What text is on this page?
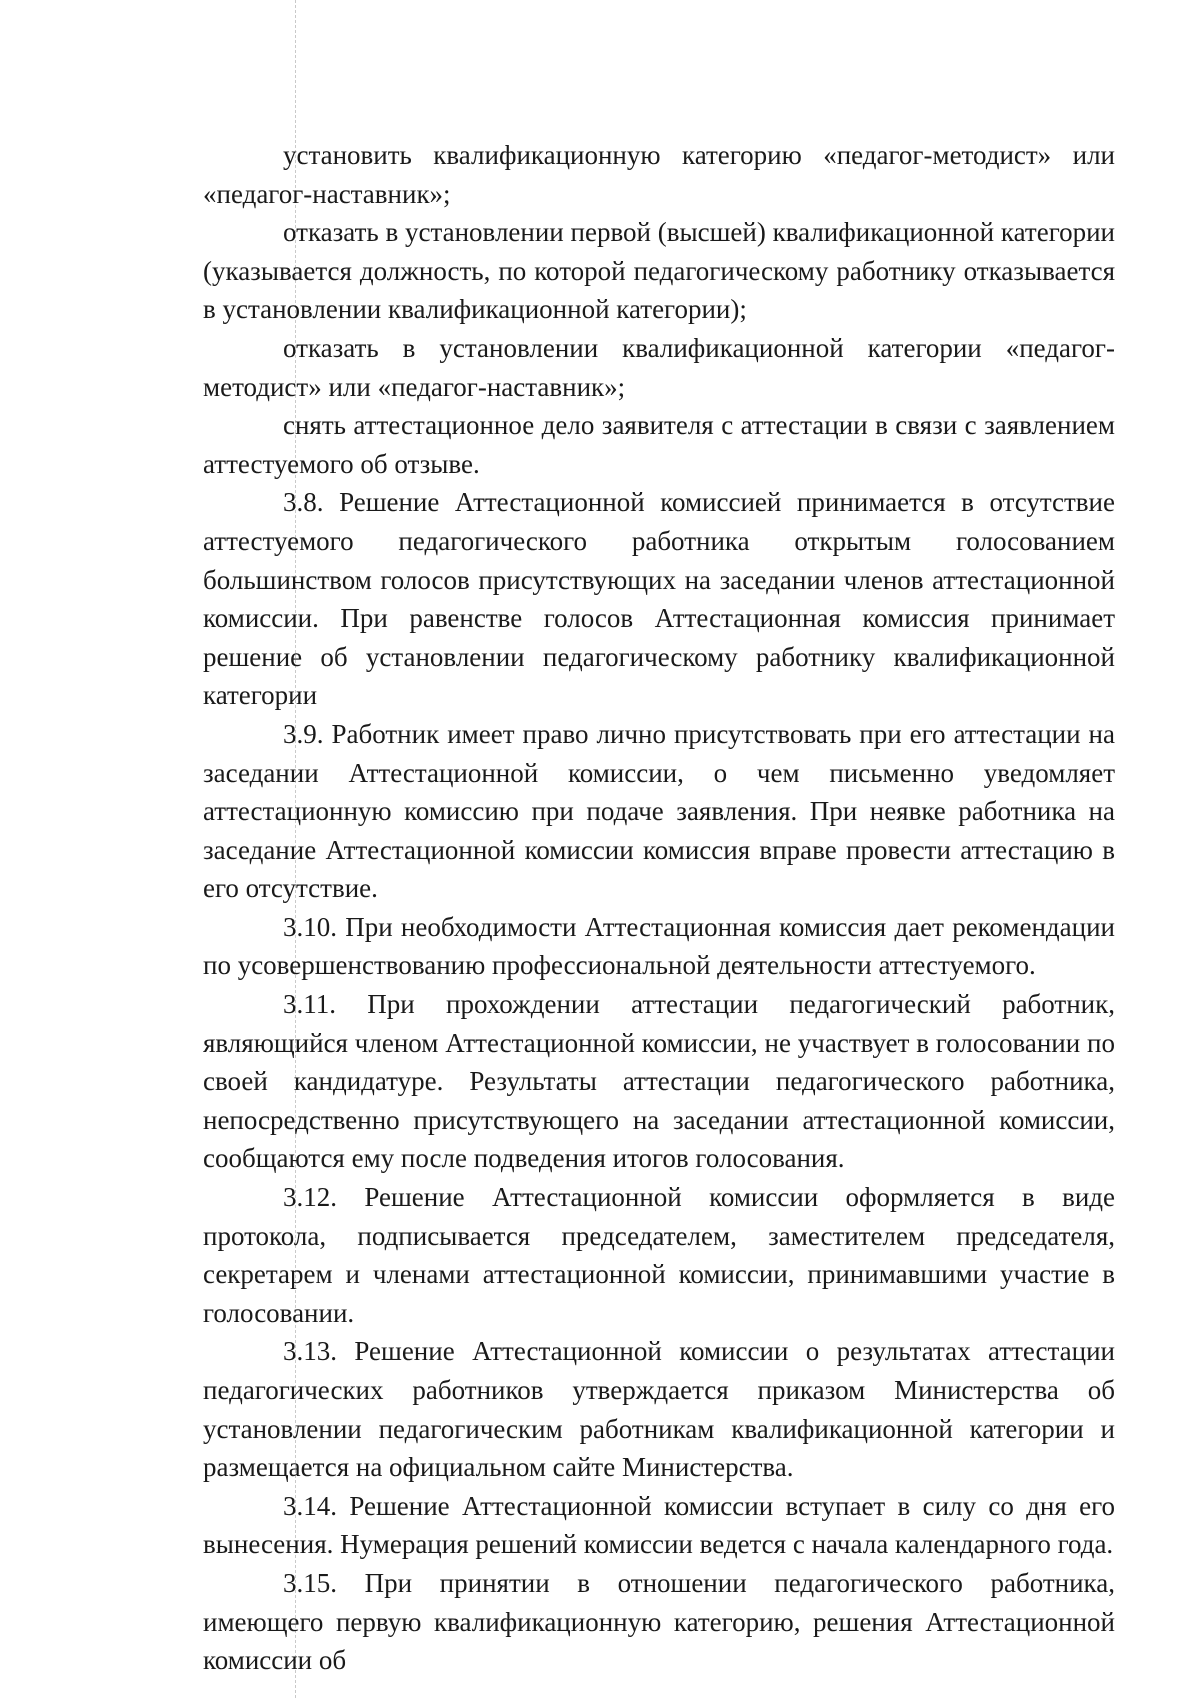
установить квалификационную категорию «педагог-методист» или «педагог-наставник»;

отказать в установлении первой (высшей) квалификационной категории (указывается должность, по которой педагогическому работнику отказывается в установлении квалификационной категории);

отказать в установлении квалификационной категории «педагог-методист» или «педагог-наставник»;

снять аттестационное дело заявителя с аттестации в связи с заявлением аттестуемого об отзыве.

3.8. Решение Аттестационной комиссией принимается в отсутствие аттестуемого педагогического работника открытым голосованием большинством голосов присутствующих на заседании членов аттестационной комиссии. При равенстве голосов Аттестационная комиссия принимает решение об установлении педагогическому работнику квалификационной категории

3.9. Работник имеет право лично присутствовать при его аттестации на заседании Аттестационной комиссии, о чем письменно уведомляет аттестационную комиссию при подаче заявления. При неявке работника на заседание Аттестационной комиссии комиссия вправе провести аттестацию в его отсутствие.

3.10. При необходимости Аттестационная комиссия дает рекомендации по усовершенствованию профессиональной деятельности аттестуемого.

3.11. При прохождении аттестации педагогический работник, являющийся членом Аттестационной комиссии, не участвует в голосовании по своей кандидатуре. Результаты аттестации педагогического работника, непосредственно присутствующего на заседании аттестационной комиссии, сообщаются ему после подведения итогов голосования.

3.12. Решение Аттестационной комиссии оформляется в виде протокола, подписывается председателем, заместителем председателя, секретарем и членами аттестационной комиссии, принимавшими участие в голосовании.

3.13. Решение Аттестационной комиссии о результатах аттестации педагогических работников утверждается приказом Министерства об установлении педагогическим работникам квалификационной категории и размещается на официальном сайте Министерства.

3.14. Решение Аттестационной комиссии вступает в силу со дня его вынесения. Нумерация решений комиссии ведется с начала календарного года.

3.15. При принятии в отношении педагогического работника, имеющего первую квалификационную категорию, решения Аттестационной комиссии об
